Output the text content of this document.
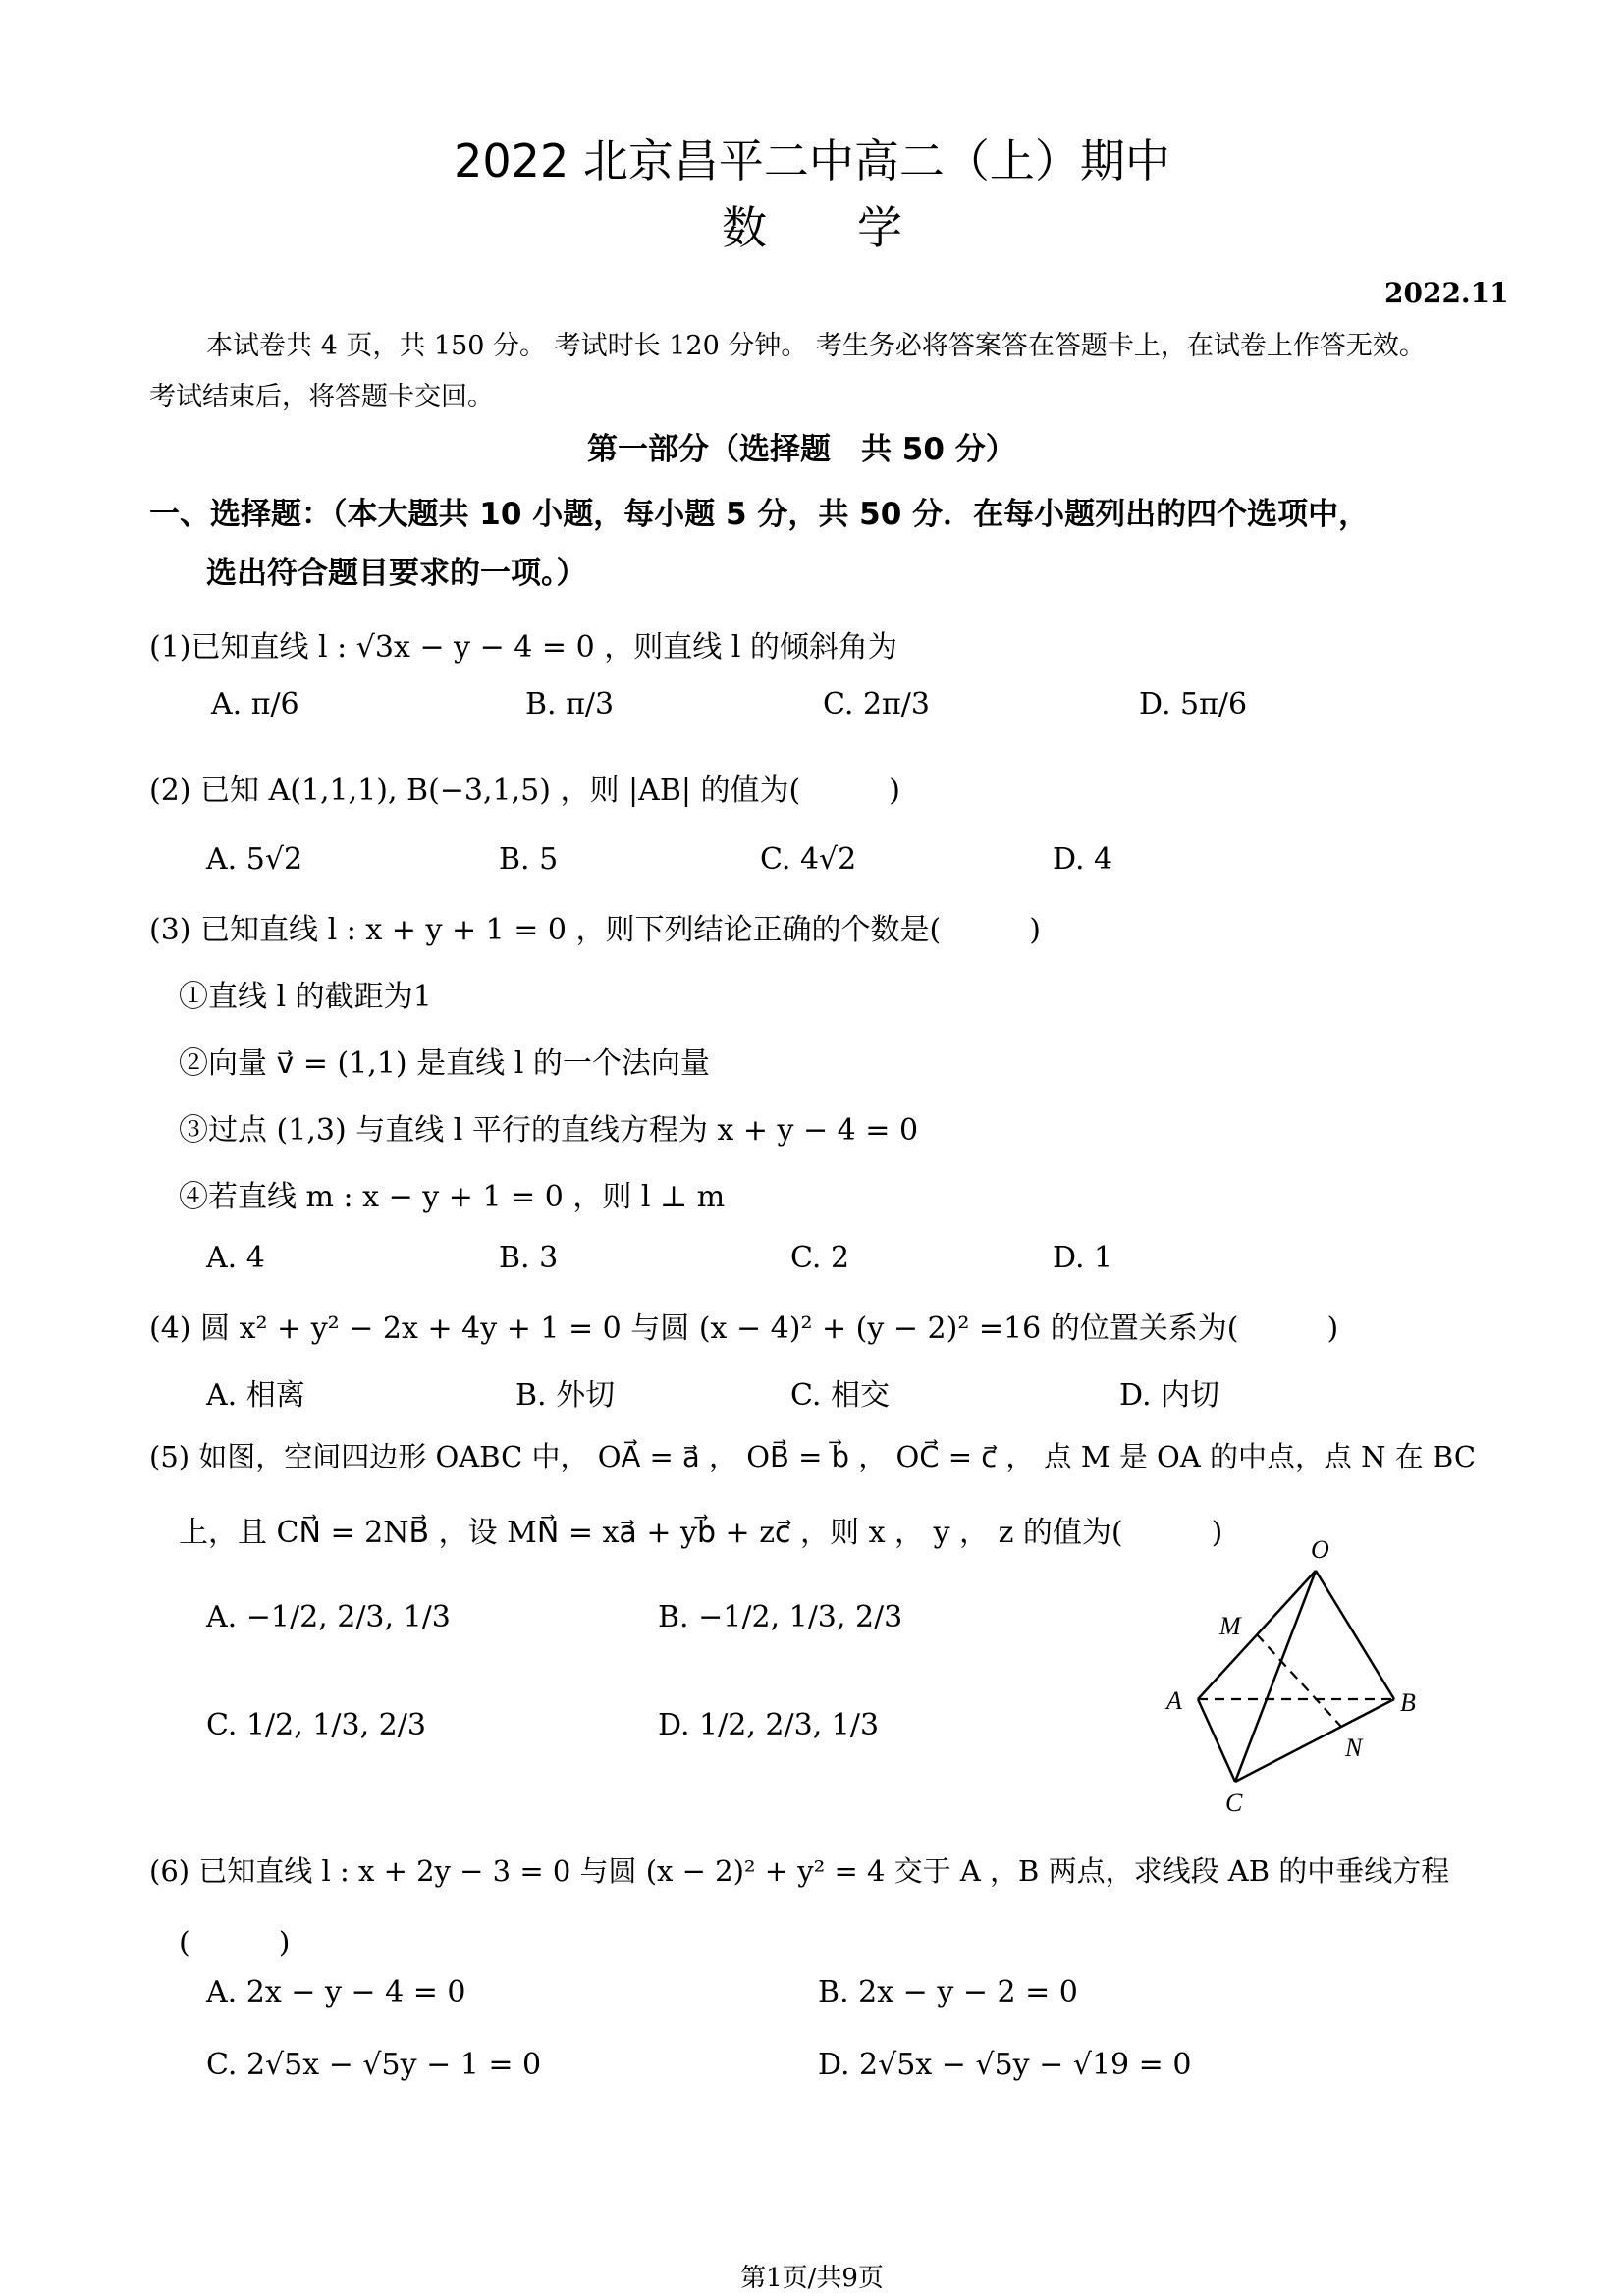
2022 北京昌平二中高二（上）期中
数　　学
2022.11
本试卷共 4 页，共 150 分。 考试时长 120 分钟。 考生务必将答案答在答题卡上，在试卷上作答无效。
考试结束后，将答题卡交回。
第一部分（选择题　共 50 分）
一、选择题：（本大题共 10 小题，每小题 5 分，共 50 分．在每小题列出的四个选项中，
选出符合题目要求的一项。）
(1)已知直线 l : √3x − y − 4 = 0 ，则直线 l 的倾斜角为
A. π/6	B. π/3	C. 2π/3	D. 5π/6
(2) 已知 A(1,1,1), B(−3,1,5) ，则 |AB| 的值为(　　　)
A. 5√2	B. 5	C. 4√2	D. 4
(3) 已知直线 l : x + y + 1 = 0 ，则下列结论正确的个数是(　　　)
①直线 l 的截距为1
②向量 v⃗ = (1,1) 是直线 l 的一个法向量
③过点 (1,3) 与直线 l 平行的直线方程为 x + y − 4 = 0
④若直线 m : x − y + 1 = 0 ，则 l ⊥ m
A. 4	B. 3	C. 2	D. 1
(4) 圆 x² + y² − 2x + 4y + 1 = 0 与圆 (x − 4)² + (y − 2)² =16 的位置关系为(　　　)
A. 相离	B. 外切	C. 相交	D. 内切
(5) 如图，空间四边形 OABC 中， OA⃗ = a⃗ ， OB⃗ = b⃗ ， OC⃗ = c⃗ ， 点 M 是 OA 的中点，点 N 在 BC
上，且 CN⃗ = 2NB⃗ ，设 MN⃗ = xa⃗ + yb⃗ + zc⃗ ，则 x ， y ， z 的值为(　　　)
A. −1/2, 2/3, 1/3	B. −1/2, 1/3, 2/3
C. 1/2, 1/3, 2/3	D. 1/2, 2/3, 1/3
O
A	B
C
M
N
(6) 已知直线 l : x + 2y − 3 = 0 与圆 (x − 2)² + y² = 4 交于 A ，B 两点，求线段 AB 的中垂线方程
(　　　)
A. 2x − y − 4 = 0	B. 2x − y − 2 = 0
C. 2√5x − √5y − 1 = 0	D. 2√5x − √5y − √19 = 0
第1页/共9页
